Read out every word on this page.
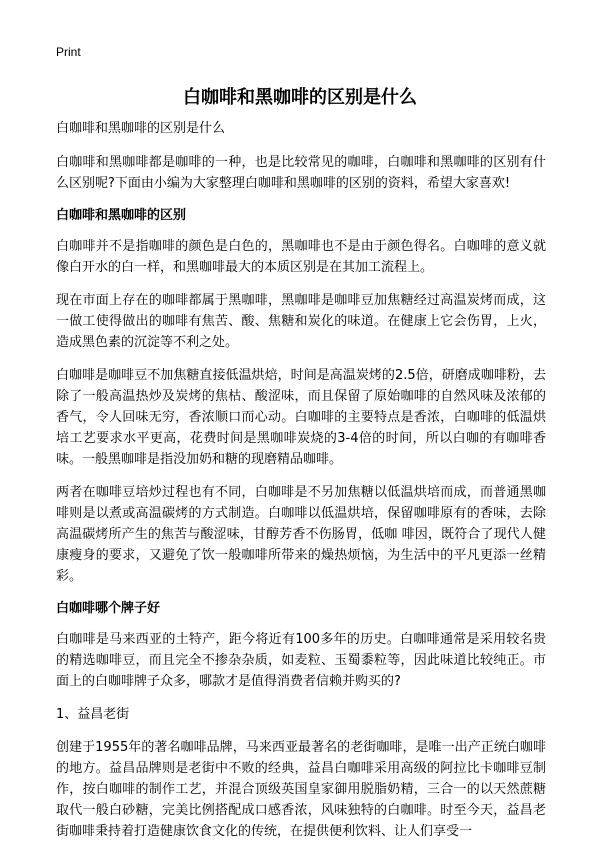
Print
白咖啡和黑咖啡的区别是什么

白咖啡和黑咖啡的区别是什么

白咖啡和黑咖啡都是咖啡的一种，也是比较常见的咖啡，白咖啡和黑咖啡的区别有什么区别呢?下面由小编为大家整理白咖啡和黑咖啡的区别的资料，希望大家喜欢!

白咖啡和黑咖啡的区别

白咖啡并不是指咖啡的颜色是白色的，黑咖啡也不是由于颜色得名。白咖啡的意义就像白开水的白一样，和黑咖啡最大的本质区别是在其加工流程上。

现在市面上存在的咖啡都属于黑咖啡，黑咖啡是咖啡豆加焦糖经过高温炭烤而成，这一做工使得做出的咖啡有焦苦、酸、焦糖和炭化的味道。在健康上它会伤胃，上火，造成黑色素的沉淀等不利之处。

白咖啡是咖啡豆不加焦糖直接低温烘焙，时间是高温炭烤的2.5倍，研磨成咖啡粉，去除了一般高温热炒及炭烤的焦枯、酸涩味，而且保留了原始咖啡的自然风味及浓郁的香气，令人回味无穷，香浓顺口而心动。白咖啡的主要特点是香浓，白咖啡的低温烘培工艺要求水平更高，花费时间是黑咖啡炭烧的3-4倍的时间，所以白咖的有咖啡香味。一般黑咖啡是指没加奶和糖的现磨精品咖啡。

两者在咖啡豆培炒过程也有不同，白咖啡是不另加焦糖以低温烘培而成，而普通黑咖啡则是以煮或高温碳烤的方式制造。白咖啡以低温烘培，保留咖啡原有的香味，去除高温碳烤所产生的焦苦与酸涩味，甘醇芳香不伤肠胃，低咖 啡因，既符合了现代人健康瘦身的要求，又避免了饮一般咖啡所带来的燥热烦恼，为生活中的平凡更添一丝精彩。

白咖啡哪个牌子好

白咖啡是马来西亚的土特产，距今将近有100多年的历史。白咖啡通常是采用较名贵的精选咖啡豆，而且完全不掺杂杂质，如麦粒、玉蜀黍粒等，因此味道比较纯正。市面上的白咖啡牌子众多，哪款才是值得消费者信赖并购买的?

1、益昌老街

创建于1955年的著名咖啡品牌，马来西亚最著名的老街咖啡，是唯一出产正统白咖啡的地方。益昌品牌则是老街中不败的经典，益昌白咖啡采用高级的阿拉比卡咖啡豆制作，按白咖啡的制作工艺，并混合顶级英国皇家御用脱脂奶精，三合一的以天然蔗糖取代一般白砂糖，完美比例搭配成口感香浓，风味独特的白咖啡。时至今天，益昌老街咖啡秉持着打造健康饮食文化的传统，在提供便利饮料、让人们享受一
